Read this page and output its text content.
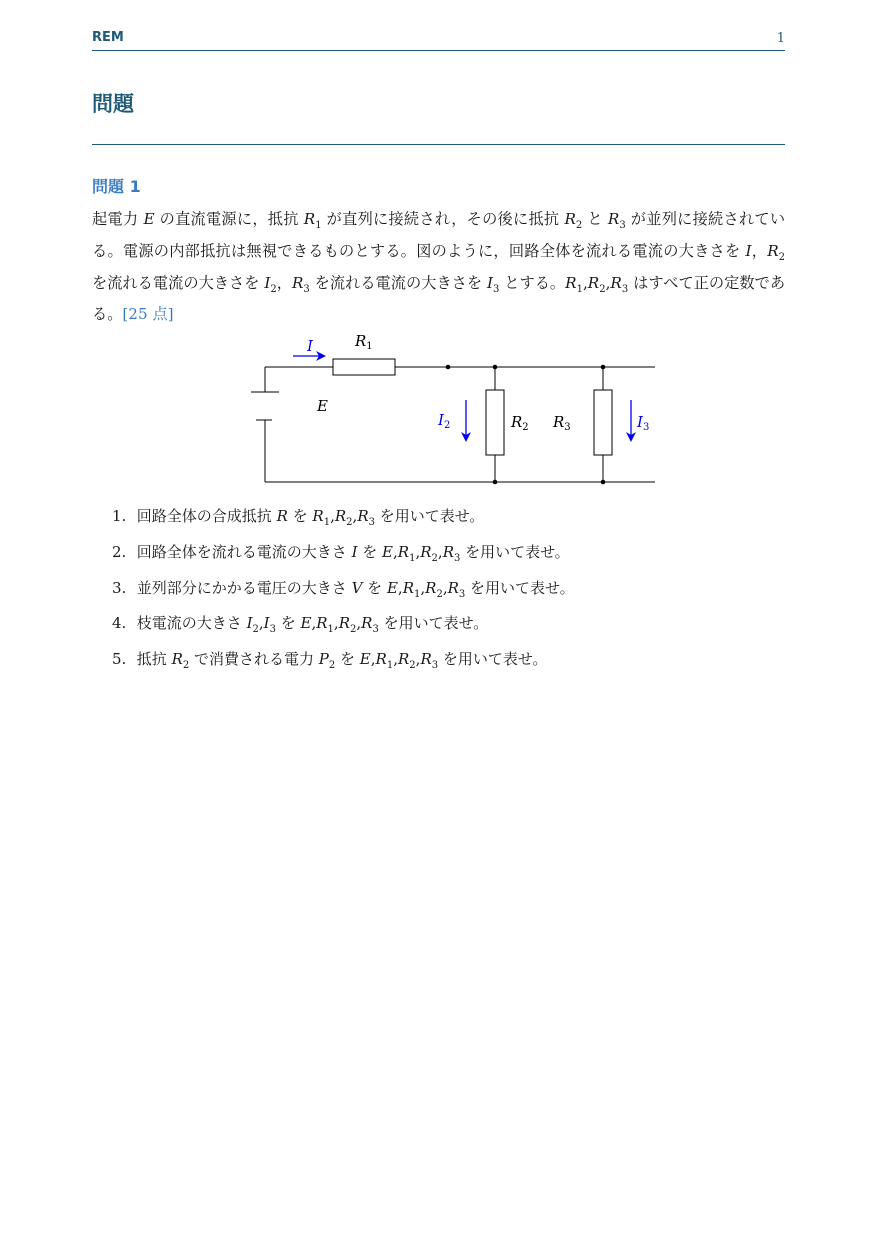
REM	1
問題
問題 1
起電力 E の直流電源に，抵抗 $R_1$ が直列に接続され，その後に抵抗 $R_2$ と $R_3$ が並列に接続されている。電源の内部抵抗は無視できるものとする。図のように，回路全体を流れる電流の大きさを I，$R_2$ を流れる電流の大きさを $I_2$，$R_3$ を流れる電流の大きさを $I_3$ とする。$R_1,R_2,R_3$ はすべて正の定数である。[25 点]
I	$R_1$
E
$I_2$	$R_2$ $R_3$	$I_3$
1. 回路全体の合成抵抗 R を $R_1,R_2,R_3$ を用いて表せ。
2. 回路全体を流れる電流の大きさ I を $E,R_1,R_2,R_3$ を用いて表せ。
3. 並列部分にかかる電圧の大きさ V を $E,R_1,R_2,R_3$ を用いて表せ。
4. 枝電流の大きさ $I_2,I_3$ を $E,R_1,R_2,R_3$ を用いて表せ。
5. 抵抗 $R_2$ で消費される電力 $P_2$ を $E,R_1,R_2,R_3$ を用いて表せ。
